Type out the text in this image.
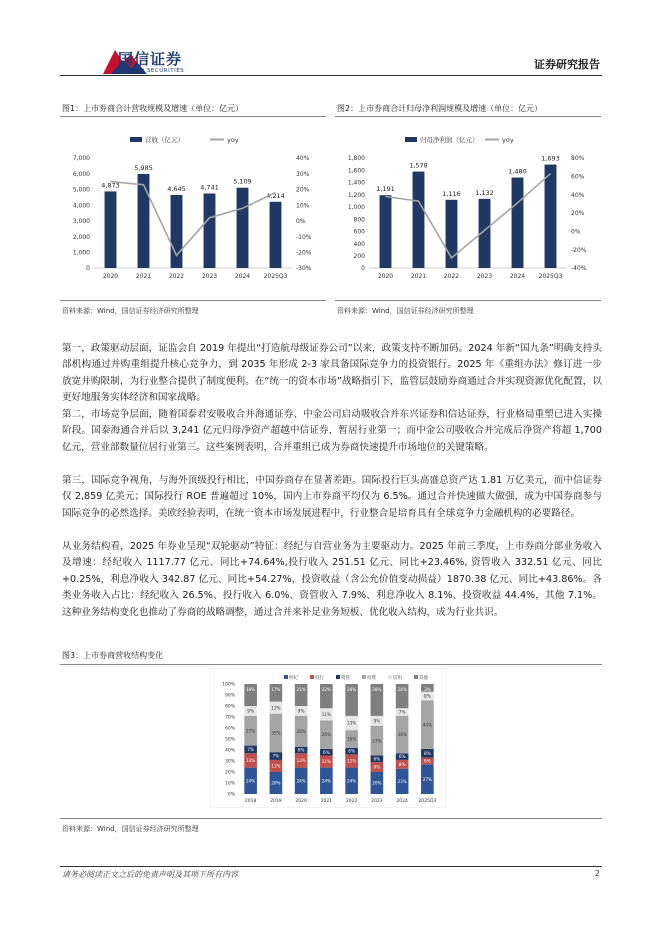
国信证券
GUOSEN SECURITIES	证券研究报告
图1：上市券商合计营收规模及增速（单位：亿元）
营收（亿元）	yoy
0
1,000
2,000
3,000
4,000
5,000
6,000
7,000
-30%
-20%
-10%
0%
10%
20%
30%
40%
4,873
2020
5,985
2021
4,645
2022
4,741
2023
5,109
2024
4,214
2025Q3
资料来源：Wind，国信证券经济研究所整理
图2：上市券商合计归母净利润规模及增速（单位：亿元）
归母净利润（亿元）	yoy
0
200
400
600
800
1,000
1,200
1,400
1,600
1,800
-40%
-20%
0%
20%
40%
60%
80%
1,191
2020
1,578
2021
1,116
2022
1,132
2023
1,480
2024
1,693
2025Q3
资料来源：Wind，国信证券经济研究所整理
第一，政策驱动层面，证监会自 2019 年提出“打造航母级证券公司”以来，政策支持不断加码。2024 年新“国九条”明确支持头部机构通过并购重组提升核心竞争力，到 2035 年形成 2-3 家具备国际竞争力的投资银行。2025 年《重组办法》修订进一步放宽并购限制，为行业整合提供了制度便利。在“统一的资本市场”战略指引下，监管层鼓励券商通过合并实现资源优化配置，以更好地服务实体经济和国家战略。
第二，市场竞争层面，随着国泰君安吸收合并海通证券、中金公司启动吸收合并东兴证券和信达证券，行业格局重塑已进入实操阶段。国泰海通合并后以 3,241 亿元归母净资产超越中信证券，暂居行业第一；而中金公司吸收合并完成后净资产将超 1,700 亿元，营业部数量位居行业第三。这些案例表明，合并重组已成为券商快速提升市场地位的关键策略。
第三，国际竞争视角，与海外顶级投行相比，中国券商存在显著差距。国际投行巨头高盛总资产达 1.81 万亿美元，而中信证券仅 2,859 亿美元；国际投行 ROE 普遍超过 10%，国内上市券商平均仅为 6.5%。通过合并快速做大做强，成为中国券商参与国际竞争的必然选择。美欧经验表明，在统一资本市场发展进程中，行业整合是培育具有全球竞争力金融机构的必要路径。
从业务结构看，2025 年券业呈现“双轮驱动”特征：经纪与自营业务为主要驱动力。2025 年前三季度，上市券商分部业务收入及增速：经纪收入 1117.77 亿元、同比+74.64%,投行收入 251.51 亿元、同比+23.46%, 资管收入 332.51 亿元、同比+0.25%，利息净收入 342.87 亿元、同比+54.27%，投资收益（含公允价值变动损益）1870.38 亿元、同比+43.86%。各类业务收入占比：经纪收入 26.5%、投行收入 6.0%、资管收入 7.9%、利息净收入 8.1%、投资收益 44.4%，其他 7.1%。这种业务结构变化也推动了券商的战略调整，通过合并来补足业务短板、优化收入结构，成为行业共识。
图3：上市券商营收结构变化
经纪	投行	资管	投资	信用	其他
0%
10%
20%
30%
40%
50%
60%
70%
80%
90%
100%
24%
13%
7%
27%
9%
18%
2018
20%
11%
7%
35%
11%
17%
2019
24%
13%
6%
28%
9%
21%
2020
24%
11%
6%
26%
11%
22%
2021
24%
12%
6%
16%
13%
28%
2022
20%
9%
6%
27%
9%
28%
2023
23%
8%
6%
34%
7%
24%
2024
27%
6%
8%
44%
8%
3%
2025Q3
资料来源：Wind，国信证券经济研究所整理
请务必阅读正文之后的免责声明及其项下所有内容	2
